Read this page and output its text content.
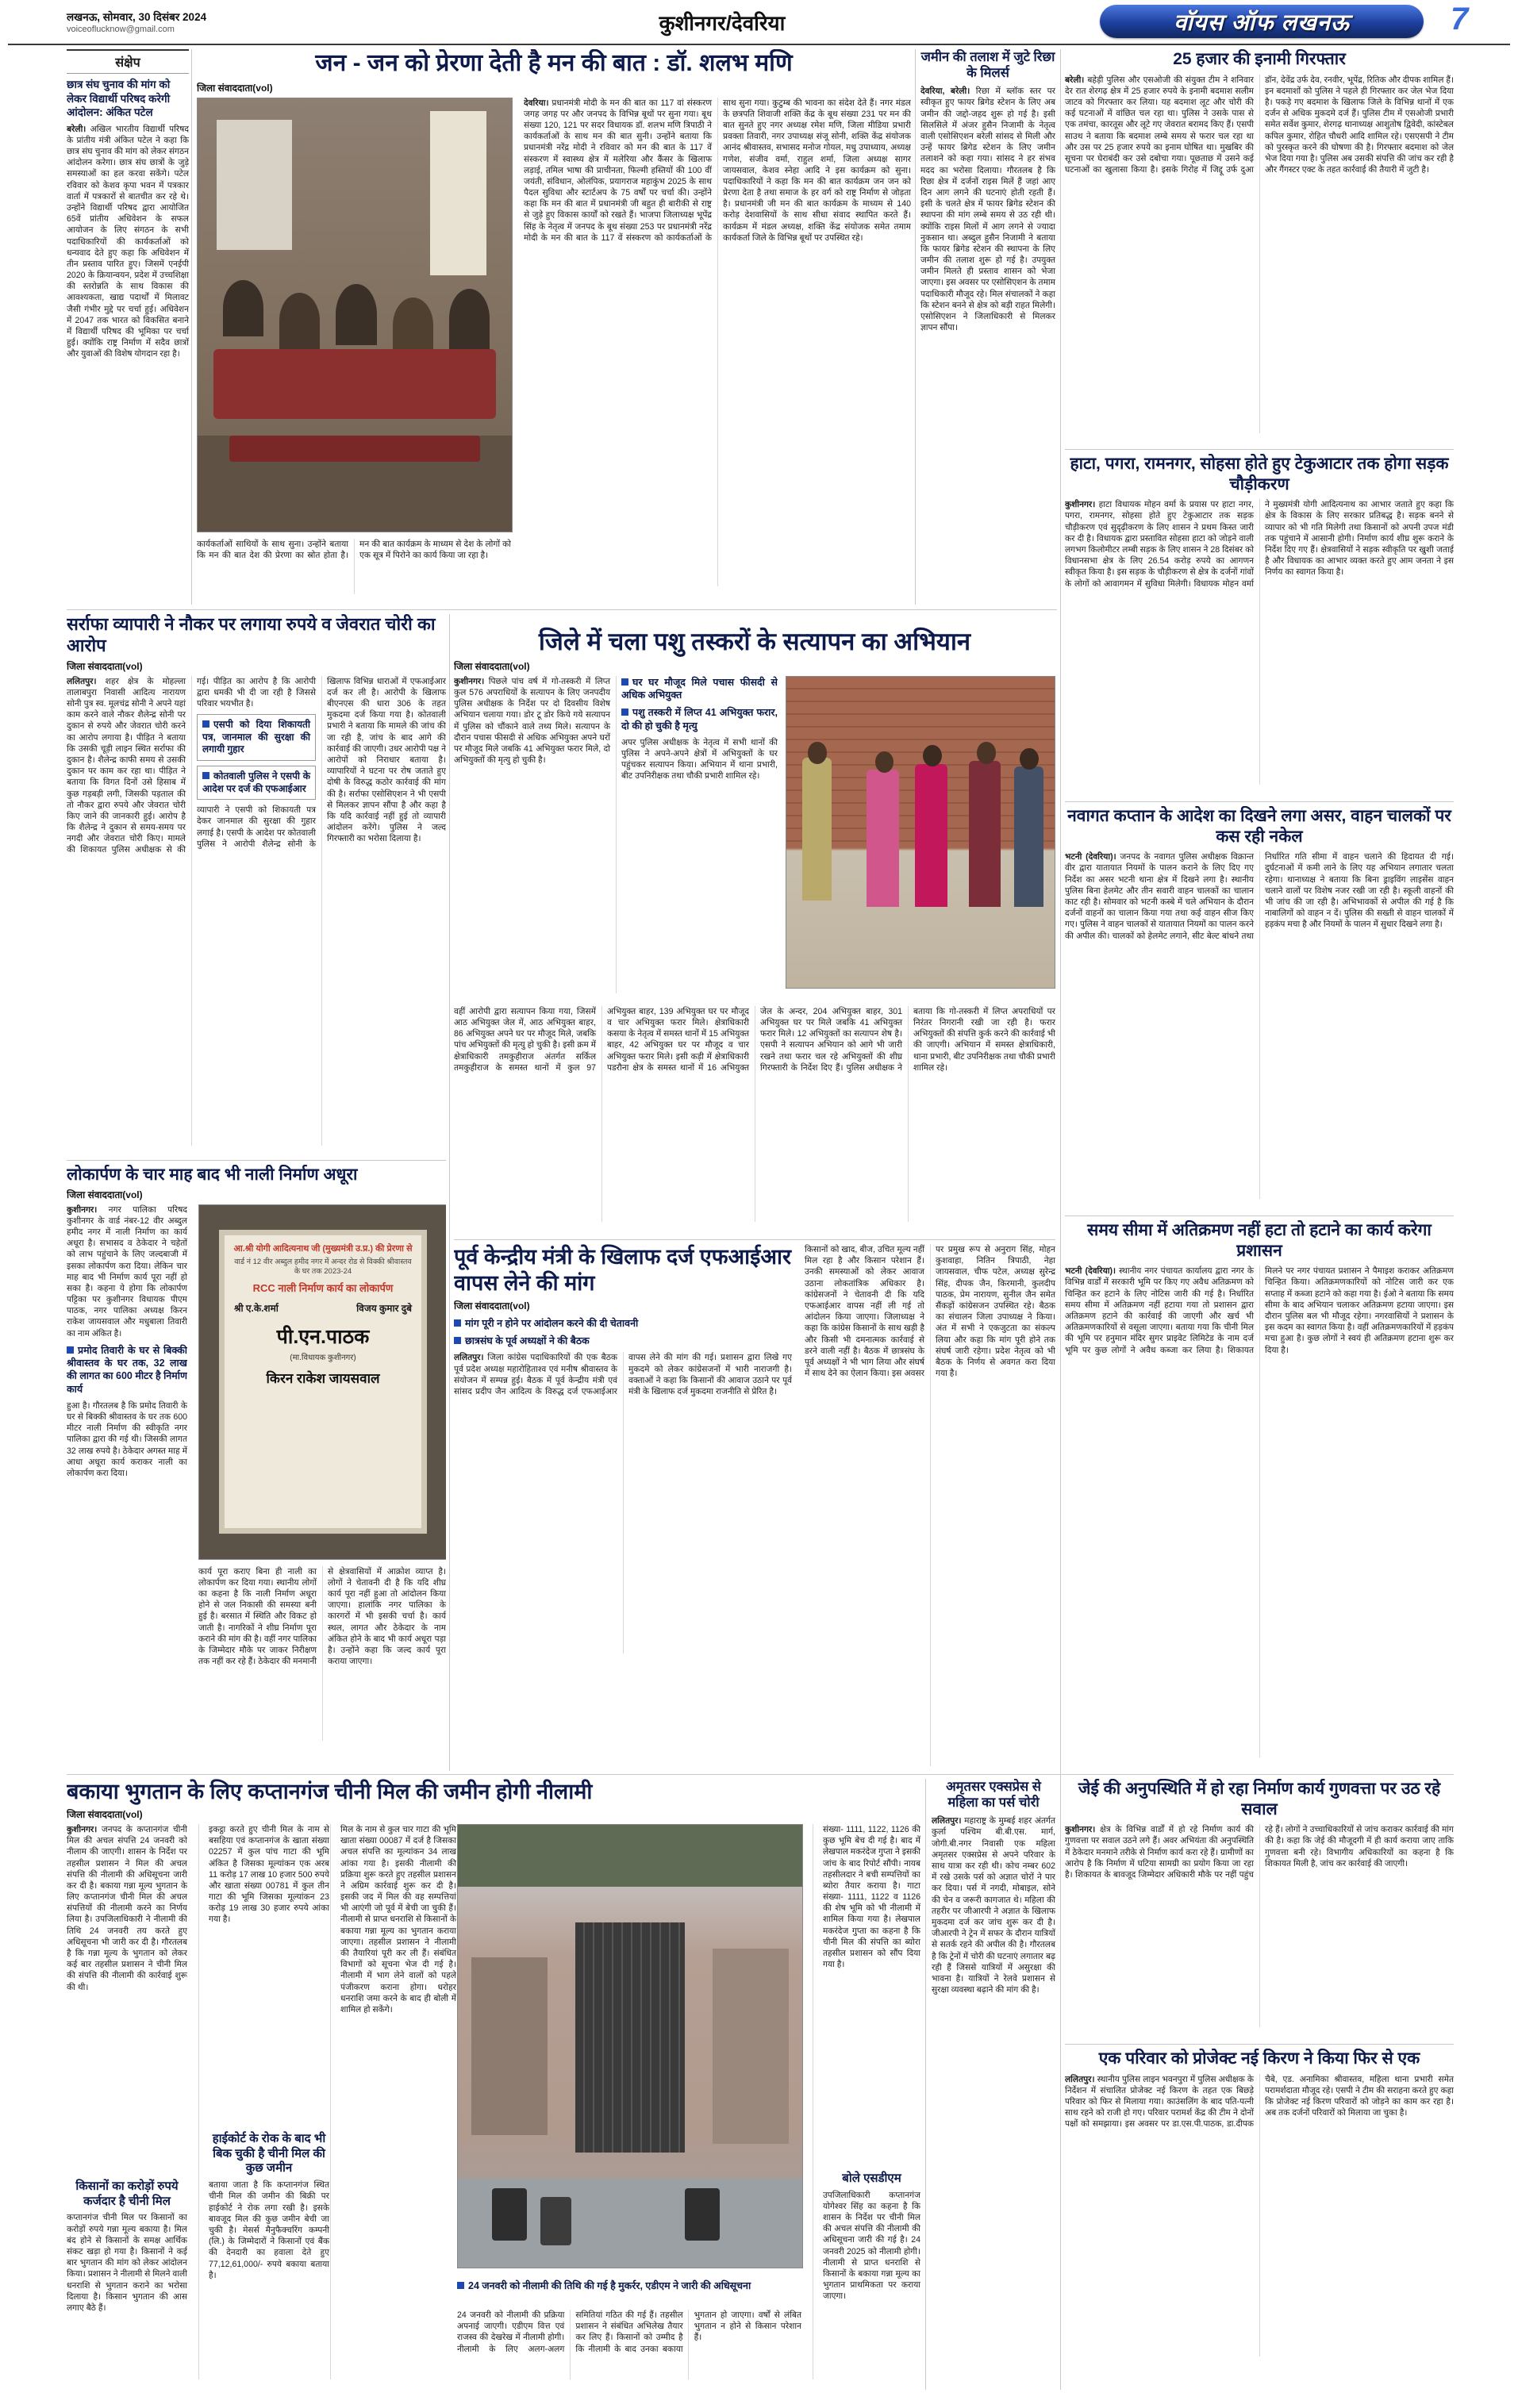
लखनऊ, सोमवार, 30 दिसंबर 2024
voiceoflucknow@gmail.com	कुशीनगर/देवरिया	वॉयस ऑफ लखनऊ	7
संक्षेप
छात्र संघ चुनाव की मांग को लेकर विद्यार्थी परिषद करेगी आंदोलन: अंकित पटेल
बरेली। अखिल भारतीय विद्यार्थी परिषद के प्रांतीय मंत्री अंकित पटेल ने कहा कि छात्र संघ चुनाव की मांग को लेकर संगठन आंदोलन करेगा। छात्र संघ छात्रों के जुड़े समस्याओं का हल करवा सकेंगे। पटेल रविवार को केशव कृपा भवन में पत्रकार वार्ता में पत्रकारों से बातचीत कर रहे थे। उन्होंने विद्यार्थी परिषद द्वारा आयोजित 65वें प्रांतीय अधिवेशन के सफल आयोजन के लिए संगठन के सभी पदाधिकारियों की कार्यकर्ताओं को धन्यवाद देते हुए कहा कि अधिवेशन में तीन प्रस्ताव पारित हुए। जिसमें एनईपी 2020 के क्रियान्वयन, प्रदेश में उच्चशिक्षा की स्तरोन्नति के साथ विकास की आवश्यकता, खाद्य पदार्थों में मिलावट जैसी गंभीर मुद्दे पर चर्चा हुई। अधिवेशन में 2047 तक भारत को विकसित बनाने में विद्यार्थी परिषद की भूमिका पर चर्चा हुई। क्योंकि राष्ट्र निर्माण में सदैव छात्रों और युवाओं की विशेष योगदान रहा है।
जन - जन को प्रेरणा देती है मन की बात : डॉ. शलभ मणि
जिला संवाददाता(vol)
देवरिया। प्रधानमंत्री मोदी के मन की बात का 117 वां संस्करण जगह जगह पर और जनपद के विभिन्न बूथों पर सुना गया। बूथ संख्या 120, 121 पर सदर विधायक डॉ. शलभ मणि त्रिपाठी ने कार्यकर्ताओं के साथ मन की बात सुनी। उन्होंने बताया कि प्रधानमंत्री नरेंद्र मोदी ने रविवार को मन की बात के 117 वें संस्करण में स्वास्थ्य क्षेत्र में मलेरिया और कैंसर के खिलाफ लड़ाई, तमिल भाषा की प्राचीनता, फिल्मी हस्तियों की 100 वीं जयंती, संविधान, ओलंपिक, प्रयागराज महाकुंभ 2025 के साथ पैदल सुविधा और स्टार्टअप के 75 वर्षों पर चर्चा की। उन्होंने कहा कि मन की बात में प्रधानमंत्री जी बहुत ही बारीकी से राष्ट्र से जुड़े हुए विकास कार्यों को रखते हैं। भाजपा जिलाध्यक्ष भूपेंद्र सिंह के नेतृत्व में जनपद के बूथ संख्या 253 पर प्रधानमंत्री नरेंद्र मोदी के मन की बात के 117 वें संस्करण को कार्यकर्ताओं के साथ सुना गया। कुटुम्ब की भावना का संदेश देते हैं। नगर मंडल के छत्रपति शिवाजी शक्ति केंद्र के बूथ संख्या 231 पर मन की बात सुनते हुए नगर अध्यक्ष रमेश मणि, जिला मीडिया प्रभारी प्रवक्ता तिवारी, नगर उपाध्यक्ष संजू सोनी, शक्ति केंद्र संयोजक आनंद श्रीवास्तव, सभासद मनोज गोयल, मधु उपाध्याय, अध्यक्ष गणेश, संजीव वर्मा, राहुल शर्मा, जिला अध्यक्ष सागर जायसवाल, केशव स्नेहा आदि ने इस कार्यक्रम को सुना। पदाधिकारियों ने कहा कि मन की बात कार्यक्रम जन जन को प्रेरणा देता है तथा समाज के हर वर्ग को राष्ट्र निर्माण से जोड़ता है। प्रधानमंत्री जी मन की बात कार्यक्रम के माध्यम से 140 करोड़ देशवासियों के साथ सीधा संवाद स्थापित करते हैं। कार्यक्रम में मंडल अध्यक्ष, शक्ति केंद्र संयोजक समेत तमाम कार्यकर्ता जिले के विभिन्न बूथों पर उपस्थित रहे।
कार्यकर्ताओं साथियों के साथ सुना। उन्होंने बताया कि मन की बात देश की प्रेरणा का स्रोत होता है। मन की बात कार्यक्रम के माध्यम से देश के लोगों को एक सूत्र में पिरोने का कार्य किया जा रहा है।
जमीन की तलाश में जुटे रिछा के मिलर्स
देवरिया, बरेली। रिछा में ब्लॉक स्तर पर स्वीकृत हुए फायर ब्रिगेड स्टेशन के लिए अब जमीन की जद्दो-जहद शुरू हो गई है। इसी सिलसिले में अंजर हुसैन निजामी के नेतृत्व वाली एसोसिएशन बरेली सांसद से मिली और उन्हें फायर ब्रिगेड स्टेशन के लिए जमीन तलाशने को कहा गया। सांसद ने हर संभव मदद का भरोसा दिलाया। गौरतलब है कि रिछा क्षेत्र में दर्जनों राइस मिलें हैं जहां आए दिन आग लगने की घटनाएं होती रहती हैं। इसी के चलते क्षेत्र में फायर ब्रिगेड स्टेशन की स्थापना की मांग लम्बे समय से उठ रही थी। क्योंकि राइस मिलों में आग लगने से ज्यादा नुकसान था। अब्दुल हुसैन निजामी ने बताया कि फायर ब्रिगेड स्टेशन की स्थापना के लिए जमीन की तलाश शुरू हो गई है। उपयुक्त जमीन मिलते ही प्रस्ताव शासन को भेजा जाएगा। इस अवसर पर एसोसिएशन के तमाम पदाधिकारी मौजूद रहे। मिल संचालकों ने कहा कि स्टेशन बनने से क्षेत्र को बड़ी राहत मिलेगी। एसोसिएशन ने जिलाधिकारी से मिलकर ज्ञापन सौंपा।
25 हजार की इनामी गिरफ्तार
बरेली। बहेड़ी पुलिस और एसओजी की संयुक्त टीम ने शनिवार देर रात शेरगढ़ क्षेत्र में 25 हजार रुपये के इनामी बदमाश सलीम जाटव को गिरफ्तार कर लिया। यह बदमाश लूट और चोरी की कई घटनाओं में वांछित चल रहा था। पुलिस ने उसके पास से एक तमंचा, कारतूस और लूटे गए जेवरात बरामद किए हैं। एसपी साउथ ने बताया कि बदमाश लम्बे समय से फरार चल रहा था और उस पर 25 हजार रुपये का इनाम घोषित था। मुखबिर की सूचना पर घेराबंदी कर उसे दबोचा गया। पूछताछ में उसने कई घटनाओं का खुलासा किया है। इसके गिरोह में जिद्दू उर्फ दुआ डॉन, देवेंद्र उर्फ देव, रनवीर, भूपेंद्र, रितिक और दीपक शामिल हैं। इन बदमाशों को पुलिस ने पहले ही गिरफ्तार कर जेल भेज दिया है। पकड़े गए बदमाश के खिलाफ जिले के विभिन्न थानों में एक दर्जन से अधिक मुकदमे दर्ज हैं। पुलिस टीम में एसओजी प्रभारी समेत सर्वेश कुमार, शेरगढ़ थानाध्यक्ष आशुतोष द्विवेदी, कांस्टेबल कपिल कुमार, रोहित चौधरी आदि शामिल रहे। एसएसपी ने टीम को पुरस्कृत करने की घोषणा की है। गिरफ्तार बदमाश को जेल भेज दिया गया है। पुलिस अब उसकी संपत्ति की जांच कर रही है और गैंगस्टर एक्ट के तहत कार्रवाई की तैयारी में जुटी है।
हाटा, पगरा, रामनगर, सोहसा होते हुए टेकुआटार तक होगा सड़क चौड़ीकरण
कुशीनगर। हाटा विधायक मोहन वर्मा के प्रयास पर हाटा नगर, पगरा, रामनगर, सोहसा होते हुए टेकुआटार तक सड़क चौड़ीकरण एवं सुदृढ़ीकरण के लिए शासन ने प्रथम किस्त जारी कर दी है। विधायक द्वारा प्रस्तावित सोहसा हाटा को जोड़ने वाली लगभग किलोमीटर लम्बी सड़क के लिए शासन ने 28 दिसंबर को विधानसभा क्षेत्र के लिए 26.54 करोड़ रुपये का आगणन स्वीकृत किया है। इस सड़क के चौड़ीकरण से क्षेत्र के दर्जनों गांवों के लोगों को आवागमन में सुविधा मिलेगी। विधायक मोहन वर्मा ने मुख्यमंत्री योगी आदित्यनाथ का आभार जताते हुए कहा कि क्षेत्र के विकास के लिए सरकार प्रतिबद्ध है। सड़क बनने से व्यापार को भी गति मिलेगी तथा किसानों को अपनी उपज मंडी तक पहुंचाने में आसानी होगी। निर्माण कार्य शीघ्र शुरू कराने के निर्देश दिए गए हैं। क्षेत्रवासियों ने सड़क स्वीकृति पर खुशी जताई है और विधायक का आभार व्यक्त करते हुए आम जनता ने इस निर्णय का स्वागत किया है।
नवागत कप्तान के आदेश का दिखने लगा असर, वाहन चालकों पर कस रही नकेल
भटनी (देवरिया)। जनपद के नवागत पुलिस अधीक्षक विक्रान्त वीर द्वारा यातायात नियमों के पालन कराने के लिए दिए गए निर्देश का असर भटनी थाना क्षेत्र में दिखने लगा है। स्थानीय पुलिस बिना हेलमेट और तीन सवारी वाहन चालकों का चालान काट रही है। सोमवार को भटनी कस्बे में चले अभियान के दौरान दर्जनों वाहनों का चालान किया गया तथा कई वाहन सीज किए गए। पुलिस ने वाहन चालकों से यातायात नियमों का पालन करने की अपील की। चालकों को हेलमेट लगाने, सीट बेल्ट बांधने तथा निर्धारित गति सीमा में वाहन चलाने की हिदायत दी गई। दुर्घटनाओं में कमी लाने के लिए यह अभियान लगातार चलता रहेगा। थानाध्यक्ष ने बताया कि बिना ड्राइविंग लाइसेंस वाहन चलाने वालों पर विशेष नजर रखी जा रही है। स्कूली वाहनों की भी जांच की जा रही है। अभिभावकों से अपील की गई है कि नाबालिगों को वाहन न दें। पुलिस की सख्ती से वाहन चालकों में हड़कंप मचा है और नियमों के पालन में सुधार दिखने लगा है।
सर्राफा व्यापारी ने नौकर पर लगाया रुपये व जेवरात चोरी का आरोप
जिला संवाददाता(vol)
ललितपुर। शहर क्षेत्र के मोहल्ला तालाबपुरा निवासी आदित्य नारायण सोनी पुत्र स्व. मूलचंद्र सोनी ने अपने यहां काम करने वाले नौकर शैलेन्द्र सोनी पर दुकान से रुपये और जेवरात चोरी करने का आरोप लगाया है। पीड़ित ने बताया कि उसकी चूड़ी लाइन स्थित सर्राफा की दुकान है। शैलेन्द्र काफी समय से उसकी दुकान पर काम कर रहा था। पीड़ित ने बताया कि विगत दिनों उसे हिसाब में कुछ गड़बड़ी लगी, जिसकी पड़ताल की तो नौकर द्वारा रुपये और जेवरात चोरी किए जाने की जानकारी हुई। आरोप है कि शैलेन्द्र ने दुकान से समय-समय पर नगदी और जेवरात चोरी किए। मामले की शिकायत पुलिस अधीक्षक से की गई। पीड़ित का आरोप है कि आरोपी द्वारा धमकी भी दी जा रही है जिससे परिवार भयभीत है।
एसपी को दिया शिकायती पत्र, जानमाल की सुरक्षा की लगायी गुहार
कोतवाली पुलिस ने एसपी के आदेश पर दर्ज की एफआईआर
व्यापारी ने एसपी को शिकायती पत्र देकर जानमाल की सुरक्षा की गुहार लगाई है। एसपी के आदेश पर कोतवाली पुलिस ने आरोपी शैलेन्द्र सोनी के खिलाफ विभिन्न धाराओं में एफआईआर दर्ज कर ली है। आरोपी के खिलाफ बीएनएस की धारा 306 के तहत मुकदमा दर्ज किया गया है। कोतवाली प्रभारी ने बताया कि मामले की जांच की जा रही है, जांच के बाद आगे की कार्रवाई की जाएगी। उधर आरोपी पक्ष ने आरोपों को निराधार बताया है। व्यापारियों ने घटना पर रोष जताते हुए दोषी के विरुद्ध कठोर कार्रवाई की मांग की है। सर्राफा एसोसिएशन ने भी एसपी से मिलकर ज्ञापन सौंपा है और कहा है कि यदि कार्रवाई नहीं हुई तो व्यापारी आंदोलन करेंगे। पुलिस ने जल्द गिरफ्तारी का भरोसा दिलाया है।
जिले में चला पशु तस्करों के सत्यापन का अभियान
जिला संवाददाता(vol)
कुशीनगर। पिछले पांच वर्ष में गो-तस्करी में लिप्त कुल 576 अपराधियों के सत्यापन के लिए जनपदीय पुलिस अधीक्षक के निर्देश पर दो दिवसीय विशेष अभियान चलाया गया। डोर टू डोर किये गये सत्यापन में पुलिस को चौंकाने वाले तथ्य मिले। सत्यापन के दौरान पचास फीसदी से अधिक अभियुक्त अपने घरों पर मौजूद मिले जबकि 41 अभियुक्त फरार मिले, दो अभियुक्तों की मृत्यु हो चुकी है।
घर घर मौजूद मिले पचास फीसदी से अधिक अभियुक्त
पशु तस्करी में लिप्त 41 अभियुक्त फरार, दो की हो चुकी है मृत्यु
अपर पुलिस अधीक्षक के नेतृत्व में सभी थानों की पुलिस ने अपने-अपने क्षेत्रों में अभियुक्तों के घर पहुंचकर सत्यापन किया। अभियान में थाना प्रभारी, बीट उपनिरीक्षक तथा चौकी प्रभारी शामिल रहे।
वहीं आरोपी द्वारा सत्यापन किया गया, जिसमें आठ अभियुक्त जेल में, आठ अभियुक्त बाहर, 86 अभियुक्त अपने घर पर मौजूद मिले, जबकि पांच अभियुक्तों की मृत्यु हो चुकी है। इसी क्रम में क्षेत्राधिकारी तमकुहीराज अंतर्गत सर्किल तमकुहीराज के समस्त थानों में कुल 97 अभियुक्त बाहर, 139 अभियुक्त घर पर मौजूद व चार अभियुक्त फरार मिले। क्षेत्राधिकारी कसया के नेतृत्व में समस्त थानों में 15 अभियुक्त बाहर, 42 अभियुक्त घर पर मौजूद व चार अभियुक्त फरार मिले। इसी कड़ी में क्षेत्राधिकारी पडरौना क्षेत्र के समस्त थानों में 16 अभियुक्त जेल के अन्दर, 204 अभियुक्त बाहर, 301 अभियुक्त घर पर मिले जबकि 41 अभियुक्त फरार मिले। 12 अभियुक्तों का सत्यापन शेष है। एसपी ने सत्यापन अभियान को आगे भी जारी रखने तथा फरार चल रहे अभियुक्तों की शीघ्र गिरफ्तारी के निर्देश दिए हैं। पुलिस अधीक्षक ने बताया कि गो-तस्करी में लिप्त अपराधियों पर निरंतर निगरानी रखी जा रही है। फरार अभियुक्तों की संपत्ति कुर्क करने की कार्रवाई भी की जाएगी। अभियान में समस्त क्षेत्राधिकारी, थाना प्रभारी, बीट उपनिरीक्षक तथा चौकी प्रभारी शामिल रहे।
पूर्व केन्द्रीय मंत्री के खिलाफ दर्ज एफआईआर वापस लेने की मांग
जिला संवाददाता(vol)
मांग पूरी न होने पर आंदोलन करने की दी चेतावनी
छात्रसंघ के पूर्व अध्यक्षों ने की बैठक
ललितपुर। जिला कांग्रेस पदाधिकारियों की एक बैठक पूर्व प्रदेश अध्यक्ष महारोहिताश्व एवं मनीष श्रीवास्तव के संयोजन में सम्पन्न हुई। बैठक में पूर्व केन्द्रीय मंत्री एवं सांसद प्रदीप जैन आदित्य के विरुद्ध दर्ज एफआईआर वापस लेने की मांग की गई। प्रशासन द्वारा लिखे गए मुकदमे को लेकर कांग्रेसजनों में भारी नाराजगी है। वक्ताओं ने कहा कि किसानों की आवाज उठाने पर पूर्व मंत्री के खिलाफ दर्ज मुकदमा राजनीति से प्रेरित है।
किसानों को खाद, बीज, उचित मूल्य नहीं मिल रहा है और किसान परेशान हैं। उनकी समस्याओं को लेकर आवाज उठाना लोकतांत्रिक अधिकार है। कांग्रेसजनों ने चेतावनी दी कि यदि एफआईआर वापस नहीं ली गई तो आंदोलन किया जाएगा। जिलाध्यक्ष ने कहा कि कांग्रेस किसानों के साथ खड़ी है और किसी भी दमनात्मक कार्रवाई से डरने वाली नहीं है। बैठक में छात्रसंघ के पूर्व अध्यक्षों ने भी भाग लिया और संघर्ष में साथ देने का ऐलान किया। इस अवसर पर प्रमुख रूप से अनुराग सिंह, मोहन कुशवाहा, नितिन त्रिपाठी, नेहा जायसवाल, चीफ पटेल, अध्यक्ष सुरेन्द्र सिंह, दीपक जैन, किरमानी, कुलदीप पाठक, प्रेम नारायण, सुनील जैन समेत सैंकड़ों कांग्रेसजन उपस्थित रहे। बैठक का संचालन जिला उपाध्यक्ष ने किया। अंत में सभी ने एकजुटता का संकल्प लिया और कहा कि मांग पूरी होने तक संघर्ष जारी रहेगा। प्रदेश नेतृत्व को भी बैठक के निर्णय से अवगत करा दिया गया है।
लोकार्पण के चार माह बाद भी नाली निर्माण अधूरा
जिला संवाददाता(vol)
कुशीनगर। नगर पालिका परिषद कुशीनगर के वार्ड नंबर-12 वीर अब्दुल हमीद नगर में नाली निर्माण का कार्य अधूरा है। सभासद व ठेकेदार ने चहेतों को लाभ पहुंचाने के लिए जल्दबाजी में इसका लोकार्पण करा दिया। लेकिन चार माह बाद भी निर्माण कार्य पूरा नहीं हो सका है। कहना ये होगा कि लोकार्पण पट्टिका पर कुशीनगर विधायक पीएम पाठक, नगर पालिका अध्यक्ष किरन राकेश जायसवाल और मधुबाला तिवारी का नाम अंकित है।
प्रमोद तिवारी के घर से बिक्की श्रीवास्तव के घर तक, 32 लाख की लागत का 600 मीटर है निर्माण कार्य
हुआ है। गौरतलब है कि प्रमोद तिवारी के घर से बिक्की श्रीवास्तव के घर तक 600 मीटर नाली निर्माण की स्वीकृति नगर पालिका द्वारा की गई थी। जिसकी लागत 32 लाख रुपये है। ठेकेदार अगस्त माह में आधा अधूरा कार्य कराकर नाली का लोकार्पण करा दिया।
आ.श्री योगी आदित्यनाथ जी (मुख्यमंत्री उ.प्र.) की प्रेरणा से
वार्ड नं 12 वीर अब्दुल हमीद नगर में अन्दर रोड से विक्की श्रीवास्तव के घर तक 2023-24
RCC नाली निर्माण कार्य का लोकार्पण
श्री ए.के.शर्मा	विजय कुमार दुबे
पी.एन.पाठक
(मा.विधायक कुशीनगर)
किरन राकेश जायसवाल
कार्य पूरा कराए बिना ही नाली का लोकार्पण कर दिया गया। स्थानीय लोगों का कहना है कि नाली निर्माण अधूरा होने से जल निकासी की समस्या बनी हुई है। बरसात में स्थिति और विकट हो जाती है। नागरिकों ने शीघ्र निर्माण पूरा कराने की मांग की है। वहीं नगर पालिका के जिम्मेदार मौके पर जाकर निरीक्षण तक नहीं कर रहे हैं। ठेकेदार की मनमानी से क्षेत्रवासियों में आक्रोश व्याप्त है। लोगों ने चेतावनी दी है कि यदि शीघ्र कार्य पूरा नहीं हुआ तो आंदोलन किया जाएगा। हालांकि नगर पालिका के कारगरों में भी इसकी चर्चा है। कार्य स्थल, लागत और ठेकेदार के नाम अंकित होने के बाद भी कार्य अधूरा पड़ा है। उन्होंने कहा कि जल्द कार्य पूरा कराया जाएगा।
बकाया भुगतान के लिए कप्तानगंज चीनी मिल की जमीन होगी नीलामी
जिला संवाददाता(vol)
कुशीनगर। जनपद के कप्तानगंज चीनी मिल की अचल संपत्ति 24 जनवरी को नीलाम की जाएगी। शासन के निर्देश पर तहसील प्रशासन ने मिल की अचल संपत्ति की नीलामी की अधिसूचना जारी कर दी है। बकाया गन्ना मूल्य भुगतान के लिए कप्तानगंज चीनी मिल की अचल संपत्तियों की नीलामी करने का निर्णय लिया है। उपजिलाधिकारी ने नीलामी की तिथि 24 जनवरी तय करते हुए अधिसूचना भी जारी कर दी है। गौरतलब है कि गन्ना मूल्य के भुगतान को लेकर कई बार तहसील प्रशासन ने चीनी मिल की संपत्ति की नीलामी की कार्रवाई शुरू की थी।
किसानों का करोड़ों रुपये कर्जदार है चीनी मिल
कप्तानगंज चीनी मिल पर किसानों का करोड़ों रुपये गन्ना मूल्य बकाया है। मिल बंद होने से किसानों के समक्ष आर्थिक संकट खड़ा हो गया है। किसानों ने कई बार भुगतान की मांग को लेकर आंदोलन किया। प्रशासन ने नीलामी से मिलने वाली धनराशि से भुगतान कराने का भरोसा दिलाया है। किसान भुगतान की आस लगाए बैठे हैं।
इकट्ठा करते हुए चीनी मिल के नाम से बसहिया एवं कप्तानगंज के खाता संख्या 02257 में कुल पांच गाटा की भूमि अंकित है जिसका मूल्यांकन एक अरब 11 करोड़ 17 लाख 10 हजार 500 रुपये और खाता संख्या 00781 में कुल तीन गाटा की भूमि जिसका मूल्यांकन 23 करोड़ 19 लाख 30 हजार रुपये आंका गया है।
हाईकोर्ट के रोक के बाद भी बिक चुकी है चीनी मिल की कुछ जमीन
बताया जाता है कि कप्तानगंज स्थित चीनी मिल की जमीन की बिक्री पर हाईकोर्ट ने रोक लगा रखी है। इसके बावजूद मिल की कुछ जमीन बेची जा चुकी है। मेसर्स मैनुफैक्चरिंग कम्पनी (लि.) के जिम्मेदारों ने किसानों एवं बैंक की देनदारी का हवाला देते हुए 77,12,61,000/- रुपये बकाया बताया है।
मिल के नाम से कुल चार गाटा की भूमि खाता संख्या 00087 में दर्ज है जिसका अचल संपत्ति का मूल्यांकन 34 लाख आंका गया है। इसकी नीलामी की प्रक्रिया शुरू करते हुए तहसील प्रशासन ने अग्रिम कार्रवाई शुरू कर दी है। इसकी जद में मिल की वह सम्पत्तियां भी आएंगी जो पूर्व में बेची जा चुकी हैं। नीलामी से प्राप्त धनराशि से किसानों के बकाया गन्ना मूल्य का भुगतान कराया जाएगा। तहसील प्रशासन ने नीलामी की तैयारियां पूरी कर ली हैं। संबंधित विभागों को सूचना भेज दी गई है। नीलामी में भाग लेने वालों को पहले पंजीकरण कराना होगा। धरोहर धनराशि जमा करने के बाद ही बोली में शामिल हो सकेंगे।
24 जनवरी को नीलामी की तिथि की गई है मुकर्रर, एडीएम ने जारी की अधिसूचना
24 जनवरी को नीलामी की प्रक्रिया अपनाई जाएगी। एडीएम वित्त एवं राजस्व की देखरेख में नीलामी होगी। नीलामी के लिए अलग-अलग समितियां गठित की गई हैं। तहसील प्रशासन ने संबंधित अभिलेख तैयार कर लिए हैं। किसानों को उम्मीद है कि नीलामी के बाद उनका बकाया भुगतान हो जाएगा। वर्षों से लंबित भुगतान न होने से किसान परेशान हैं।
संख्या- 1111, 1122, 1126 की कुछ भूमि बेच दी गई है। बाद में लेखपाल मकरंदेज गुप्ता ने इसकी जांच के बाद रिपोर्ट सौंपी। नायब तहसीलदार ने बची सम्पत्तियों का ब्योरा तैयार कराया है। गाटा संख्या- 1111, 1122 व 1126 की शेष भूमि को भी नीलामी में शामिल किया गया है। लेखपाल मकरंदेज गुप्ता का कहना है कि चीनी मिल की संपत्ति का ब्योरा तहसील प्रशासन को सौंप दिया गया है।
बोले एसडीएम
उपजिलाधिकारी कप्तानगंज योगेश्वर सिंह का कहना है कि शासन के निर्देश पर चीनी मिल की अचल संपत्ति की नीलामी की अधिसूचना जारी की गई है। 24 जनवरी 2025 को नीलामी होगी। नीलामी से प्राप्त धनराशि से किसानों के बकाया गन्ना मूल्य का भुगतान प्राथमिकता पर कराया जाएगा।
अमृतसर एक्सप्रेस से महिला का पर्स चोरी
ललितपुर। महाराष्ट्र के मुम्बई शहर अंतर्गत कुर्ला पश्चिम बी.बी.एस. मार्ग, जोगी.बी.नगर निवासी एक महिला अमृतसर एक्सप्रेस से अपने परिवार के साथ यात्रा कर रही थी। कोच नम्बर 602 में रखे उसके पर्स को अज्ञात चोरों ने पार कर दिया। पर्स में नगदी, मोबाइल, सोने की चेन व जरूरी कागजात थे। महिला की तहरीर पर जीआरपी ने अज्ञात के खिलाफ मुकदमा दर्ज कर जांच शुरू कर दी है। जीआरपी ने ट्रेन में सफर के दौरान यात्रियों से सतर्क रहने की अपील की है। गौरतलब है कि ट्रेनों में चोरी की घटनाएं लगातार बढ़ रही हैं जिससे यात्रियों में असुरक्षा की भावना है। यात्रियों ने रेलवे प्रशासन से सुरक्षा व्यवस्था बढ़ाने की मांग की है।
समय सीमा में अतिक्रमण नहीं हटा तो हटाने का कार्य करेगा प्रशासन
भटनी (देवरिया)। स्थानीय नगर पंचायत कार्यालय द्वारा नगर के विभिन्न वार्डों में सरकारी भूमि पर किए गए अवैध अतिक्रमण को चिन्हित कर हटाने के लिए नोटिस जारी की गई है। निर्धारित समय सीमा में अतिक्रमण नहीं हटाया गया तो प्रशासन द्वारा अतिक्रमण हटाने की कार्रवाई की जाएगी और खर्च भी अतिक्रमणकारियों से वसूला जाएगा। बताया गया कि चीनी मिल की भूमि पर हनुमान मंदिर सुगर प्राइवेट लिमिटेड के नाम दर्ज भूमि पर कुछ लोगों ने अवैध कब्जा कर लिया है। शिकायत मिलने पर नगर पंचायत प्रशासन ने पैमाइश कराकर अतिक्रमण चिन्हित किया। अतिक्रमणकारियों को नोटिस जारी कर एक सप्ताह में कब्जा हटाने को कहा गया है। ईओ ने बताया कि समय सीमा के बाद अभियान चलाकर अतिक्रमण हटाया जाएगा। इस दौरान पुलिस बल भी मौजूद रहेगा। नगरवासियों ने प्रशासन के इस कदम का स्वागत किया है। वहीं अतिक्रमणकारियों में हड़कंप मचा हुआ है। कुछ लोगों ने स्वयं ही अतिक्रमण हटाना शुरू कर दिया है।
जेई की अनुपस्थिति में हो रहा निर्माण कार्य गुणवत्ता पर उठ रहे सवाल
कुशीनगर। क्षेत्र के विभिन्न वार्डों में हो रहे निर्माण कार्य की गुणवत्ता पर सवाल उठने लगे हैं। अवर अभियंता की अनुपस्थिति में ठेकेदार मनमाने तरीके से निर्माण कार्य करा रहे हैं। ग्रामीणों का आरोप है कि निर्माण में घटिया सामग्री का प्रयोग किया जा रहा है। शिकायत के बावजूद जिम्मेदार अधिकारी मौके पर नहीं पहुंच रहे हैं। लोगों ने उच्चाधिकारियों से जांच कराकर कार्रवाई की मांग की है। कहा कि जेई की मौजूदगी में ही कार्य कराया जाए ताकि गुणवत्ता बनी रहे। विभागीय अधिकारियों का कहना है कि शिकायत मिली है, जांच कर कार्रवाई की जाएगी।
एक परिवार को प्रोजेक्ट नई किरण ने किया फिर से एक
ललितपुर। स्थानीय पुलिस लाइन भवनपुरा में पुलिस अधीक्षक के निर्देशन में संचालित प्रोजेक्ट नई किरण के तहत एक बिछड़े परिवार को फिर से मिलाया गया। काउंसलिंग के बाद पति-पत्नी साथ रहने को राजी हो गए। परिवार परामर्श केंद्र की टीम ने दोनों पक्षों को समझाया। इस अवसर पर डा.एस.पी.पाठक, डा.दीपक चैबे, एड. अनामिका श्रीवास्तव, महिला थाना प्रभारी समेत परामर्शदाता मौजूद रहे। एसपी ने टीम की सराहना करते हुए कहा कि प्रोजेक्ट नई किरण परिवारों को जोड़ने का काम कर रहा है। अब तक दर्जनों परिवारों को मिलाया जा चुका है।
